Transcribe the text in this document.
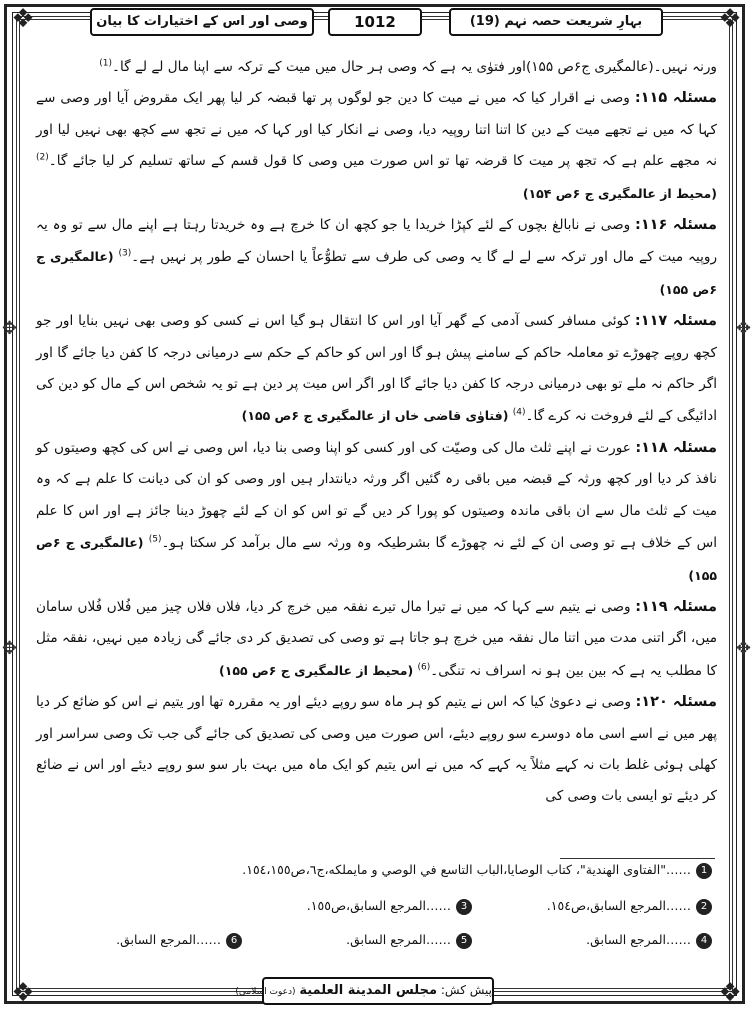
❖	❖
❖	❖
✥
✥
✥
✥
بہارِ شریعت حصہ نہم (19)
1012
وصی اور اس کے اختیارات کا بیان

ورنہ نہیں۔(عالمگیری ج۶ص ۱۵۵)اور فتوٰی یہ ہے کہ وصی ہر حال میں میت کے ترکہ سے اپنا مال لے لے گا۔$^{(1)}$

مسئلہ ۱۱۵: وصی نے اقرار کیا کہ میں نے میت کا دین جو لوگوں پر تھا قبضہ کر لیا پھر ایک مقروض آیا اور وصی سے کہا کہ میں نے تجھے میت کے دین کا اتنا اتنا روپیہ دیا، وصی نے انکار کیا اور کہا کہ میں نے تجھ سے کچھ بھی نہیں لیا اور نہ مجھے علم ہے کہ تجھ پر میت کا قرضہ تھا تو اس صورت میں وصی کا قول قسم کے ساتھ تسلیم کر لیا جائے گا۔$^{(2)}$ (محیط از عالمگیری ج ۶ص ۱۵۴)

مسئلہ ۱۱۶: وصی نے نابالغ بچوں کے لئے کپڑا خریدا یا جو کچھ ان کا خرچ ہے وہ خریدتا رہتا ہے اپنے مال سے تو وہ یہ روپیہ میت کے مال اور ترکہ سے لے لے گا یہ وصی کی طرف سے تطوُّعاً یا احسان کے طور پر نہیں ہے۔$^{(3)}$ (عالمگیری ج ۶ص ۱۵۵)

مسئلہ ۱۱۷: کوئی مسافر کسی آدمی کے گھر آیا اور اس کا انتقال ہو گیا اس نے کسی کو وصی بھی نہیں بنایا اور جو کچھ روپے چھوڑے تو معاملہ حاکم کے سامنے پیش ہو گا اور اس کو حاکم کے حکم سے درمیانی درجہ کا کفن دیا جائے گا اور اگر حاکم نہ ملے تو بھی درمیانی درجہ کا کفن دیا جائے گا اور اگر اس میت پر دین ہے تو یہ شخص اس کے مال کو دین کی ادائیگی کے لئے فروخت نہ کرے گا۔$^{(4)}$ (فتاوٰی قاضی خاں از عالمگیری ج ۶ص ۱۵۵)

مسئلہ ۱۱۸: عورت نے اپنے ثلث مال کی وصیّت کی اور کسی کو اپنا وصی بنا دیا، اس وصی نے اس کی کچھ وصیتوں کو نافذ کر دیا اور کچھ ورثہ کے قبضہ میں باقی رہ گئیں اگر ورثہ دیانتدار ہیں اور وصی کو ان کی دیانت کا علم ہے کہ وہ میت کے ثلث مال سے ان باقی ماندہ وصیتوں کو پورا کر دیں گے تو اس کو ان کے لئے چھوڑ دینا جائز ہے اور اس کا علم اس کے خلاف ہے تو وصی ان کے لئے نہ چھوڑے گا بشرطیکہ وہ ورثہ سے مال برآمد کر سکتا ہو۔$^{(5)}$ (عالمگیری ج ۶ص ۱۵۵)

مسئلہ ۱۱۹: وصی نے یتیم سے کہا کہ میں نے تیرا مال تیرے نفقہ میں خرچ کر دیا، فلاں فلاں چیز میں فُلاں فُلاں سامان میں، اگر اتنی مدت میں اتنا مال نفقہ میں خرچ ہو جاتا ہے تو وصی کی تصدیق کر دی جائے گی زیادہ میں نہیں، نفقہ مثل کا مطلب یہ ہے کہ بین بین ہو نہ اسراف نہ تنگی۔$^{(6)}$ (محیط از عالمگیری ج ۶ص ۱۵۵)

مسئلہ ۱۲۰: وصی نے دعویٰ کیا کہ اس نے یتیم کو ہر ماہ سو روپے دیئے اور یہ مقررہ تھا اور یتیم نے اس کو ضائع کر دیا پھر میں نے اسے اسی ماہ دوسرے سو روپے دیئے، اس صورت میں وصی کی تصدیق کی جائے گی جب تک وصی سراسر اور کھلی ہوئی غلط بات نہ کہے مثلاً یہ کہے کہ میں نے اس یتیم کو ایک ماہ میں بہت بار سو سو روپے دیئے اور اس نے ضائع کر دیئے تو ایسی بات وصی کی

1……"الفتاوی الهندية"، كتاب الوصايا،الباب التاسع في الوصي و مايملكه،ج٦،ص١٥٤،١٥٥.
2……المرجع السابق،ص١٥٤.
3……المرجع السابق،ص١٥٥.
4……المرجع السابق.
5……المرجع السابق.
6……المرجع السابق.
پیش کش: مجلس المدينة العلمية (دعوت اسلامی)
